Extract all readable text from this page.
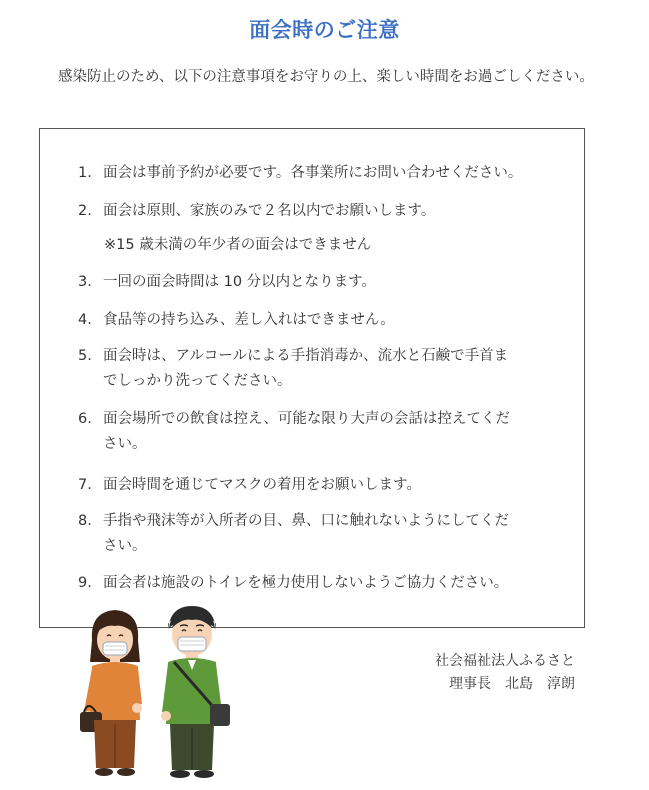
面会時のご注意
感染防止のため、以下の注意事項をお守りの上、楽しい時間をお過ごしください。
1. 面会は事前予約が必要です。各事業所にお問い合わせください。
2. 面会は原則、家族のみで２名以内でお願いします。
※15 歳未満の年少者の面会はできません
3. 一回の面会時間は 10 分以内となります。
4. 食品等の持ち込み、差し入れはできません。
5. 面会時は、アルコールによる手指消毒か、流水と石鹸で手首ま
でしっかり洗ってください。
6. 面会場所での飲食は控え、可能な限り大声の会話は控えてくだ
さい。
7. 面会時間を通じてマスクの着用をお願いします。
8. 手指や飛沫等が入所者の目、鼻、口に触れないようにしてくだ
さい。
9. 面会者は施設のトイレを極力使用しないようご協力ください。
社会福祉法人ふるさと
理事長　北島　淳朗
